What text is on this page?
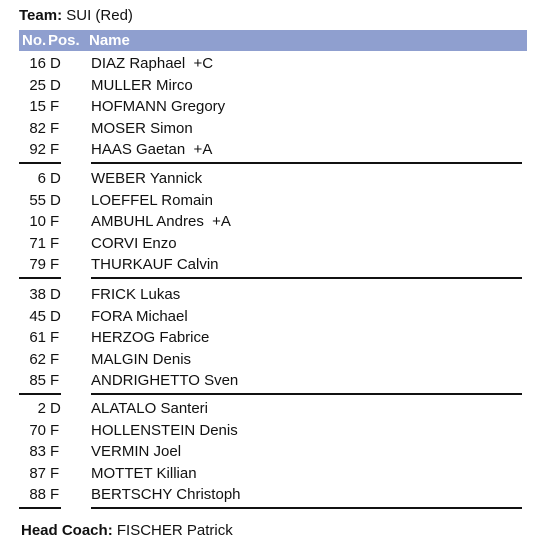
Team: SUI (Red)
No. Pos. Name
16 D DIAZ Raphael  +C
25 D MULLER Mirco
15 F HOFMANN Gregory
82 F MOSER Simon
92 F HAAS Gaetan  +A
6 D WEBER Yannick
55 D LOEFFEL Romain
10 F AMBUHL Andres  +A
71 F CORVI Enzo
79 F THURKAUF Calvin
38 D FRICK Lukas
45 D FORA Michael
61 F HERZOG Fabrice
62 F MALGIN Denis
85 F ANDRIGHETTO Sven
2 D ALATALO Santeri
70 F HOLLENSTEIN Denis
83 F VERMIN Joel
87 F MOTTET Killian
88 F BERTSCHY Christoph
Head Coach: FISCHER Patrick
